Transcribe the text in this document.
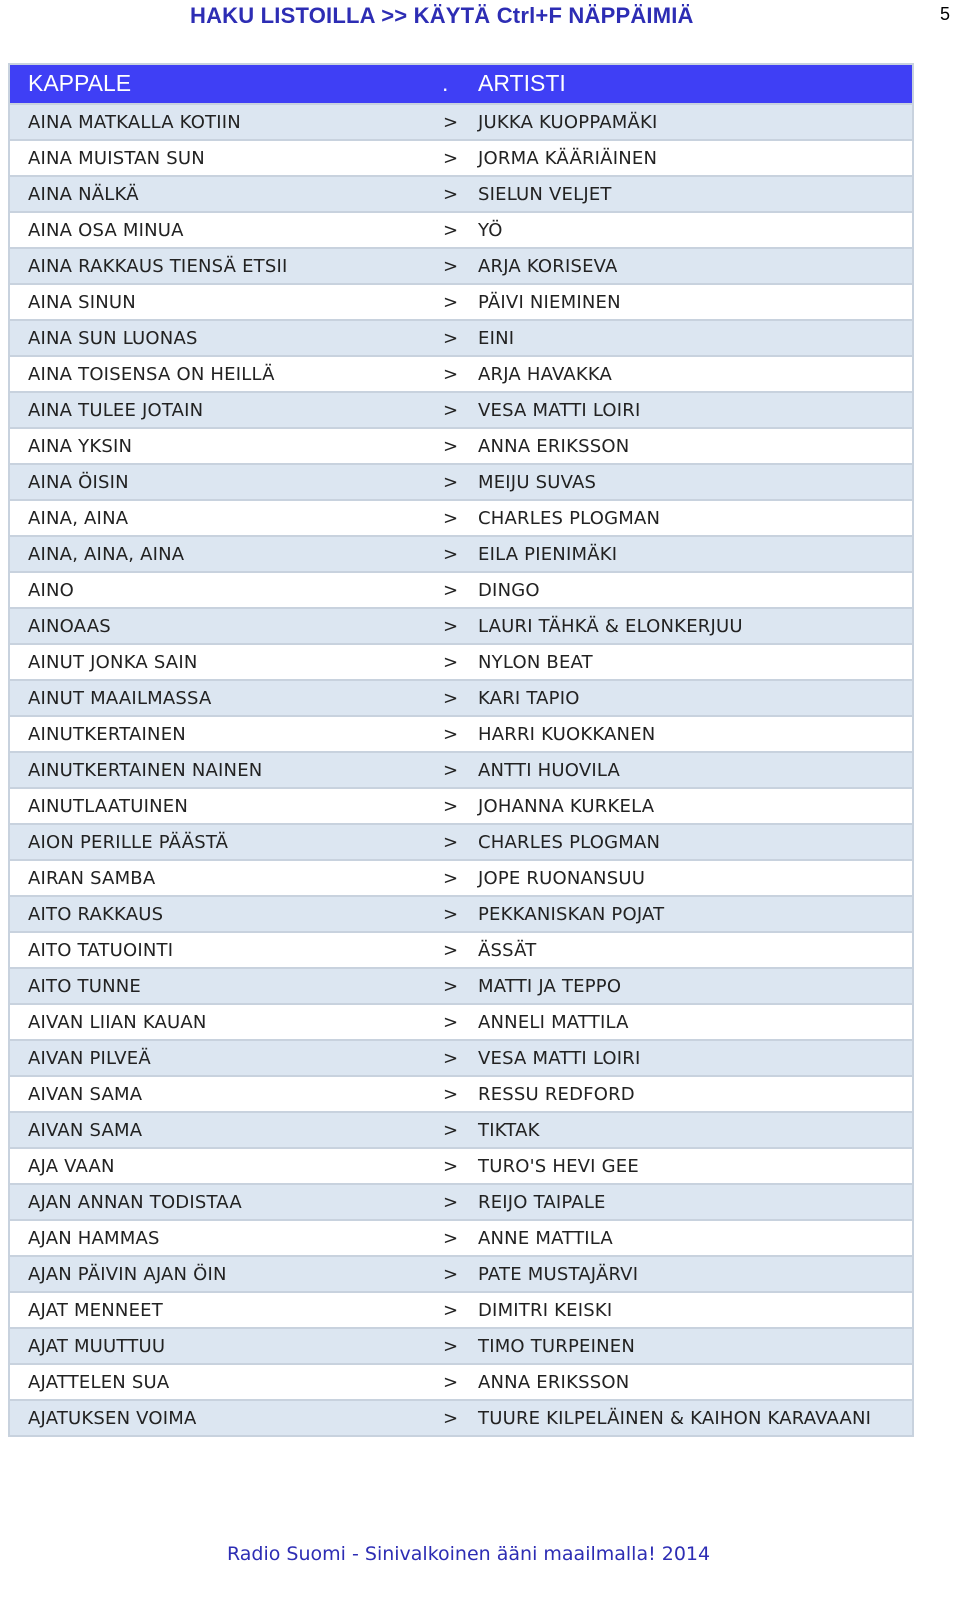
HAKU LISTOILLA >> KÄYTÄ Ctrl+F NÄPPÄIMIÄ	5
KAPPALE	. ARTISTI
AINA MATKALLA KOTIIN	> JUKKA KUOPPAMÄKI
AINA MUISTAN SUN	> JORMA KÄÄRIÄINEN
AINA NÄLKÄ	> SIELUN VELJET
AINA OSA MINUA	> YÖ
AINA RAKKAUS TIENSÄ ETSII	> ARJA KORISEVA
AINA SINUN	> PÄIVI NIEMINEN
AINA SUN LUONAS	> EINI
AINA TOISENSA ON HEILLÄ	> ARJA HAVAKKA
AINA TULEE JOTAIN	> VESA MATTI LOIRI
AINA YKSIN	> ANNA ERIKSSON
AINA ÖISIN	> MEIJU SUVAS
AINA, AINA	> CHARLES PLOGMAN
AINA, AINA, AINA	> EILA PIENIMÄKI
AINO	> DINGO
AINOAAS	> LAURI TÄHKÄ & ELONKERJUU
AINUT JONKA SAIN	> NYLON BEAT
AINUT MAAILMASSA	> KARI TAPIO
AINUTKERTAINEN	> HARRI KUOKKANEN
AINUTKERTAINEN NAINEN	> ANTTI HUOVILA
AINUTLAATUINEN	> JOHANNA KURKELA
AION PERILLE PÄÄSTÄ	> CHARLES PLOGMAN
AIRAN SAMBA	> JOPE RUONANSUU
AITO RAKKAUS	> PEKKANISKAN POJAT
AITO TATUOINTI	> ÄSSÄT
AITO TUNNE	> MATTI JA TEPPO
AIVAN LIIAN KAUAN	> ANNELI MATTILA
AIVAN PILVEÄ	> VESA MATTI LOIRI
AIVAN SAMA	> RESSU REDFORD
AIVAN SAMA	> TIKTAK
AJA VAAN	> TURO'S HEVI GEE
AJAN ANNAN TODISTAA	> REIJO TAIPALE
AJAN HAMMAS	> ANNE MATTILA
AJAN PÄIVIN AJAN ÖIN	> PATE MUSTAJÄRVI
AJAT MENNEET	> DIMITRI KEISKI
AJAT MUUTTUU	> TIMO TURPEINEN
AJATTELEN SUA	> ANNA ERIKSSON
AJATUKSEN VOIMA	> TUURE KILPELÄINEN & KAIHON KARAVAANI
Radio Suomi - Sinivalkoinen ääni maailmalla! 2014
